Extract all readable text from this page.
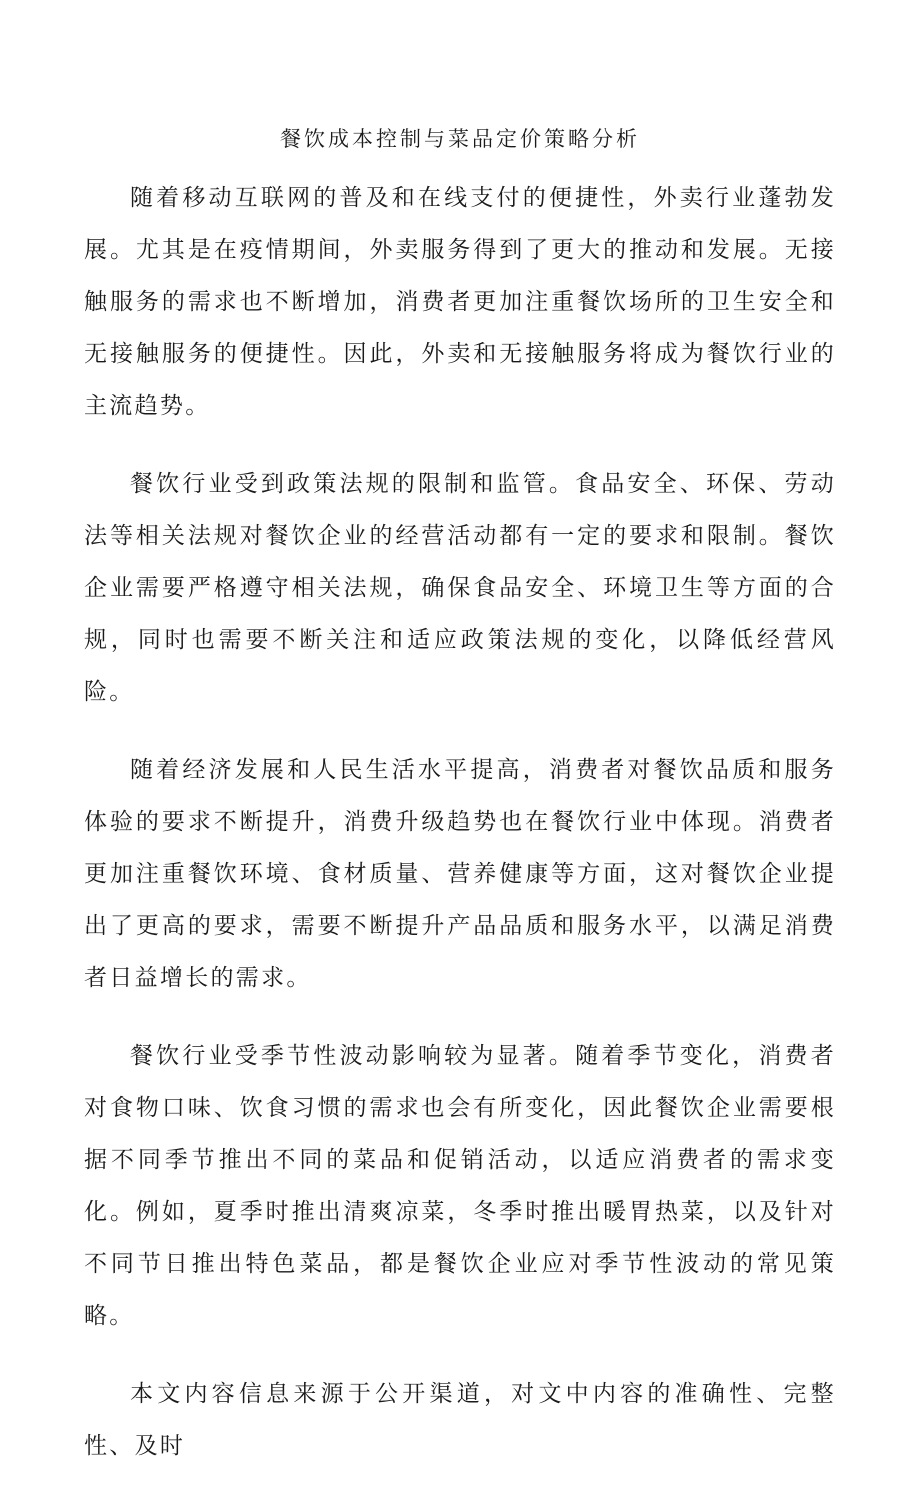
餐饮成本控制与菜品定价策略分析

随着移动互联网的普及和在线支付的便捷性，外卖行业蓬勃发展。尤其是在疫情期间，外卖服务得到了更大的推动和发展。无接触服务的需求也不断增加，消费者更加注重餐饮场所的卫生安全和无接触服务的便捷性。因此，外卖和无接触服务将成为餐饮行业的主流趋势。

餐饮行业受到政策法规的限制和监管。食品安全、环保、劳动法等相关法规对餐饮企业的经营活动都有一定的要求和限制。餐饮企业需要严格遵守相关法规，确保食品安全、环境卫生等方面的合规，同时也需要不断关注和适应政策法规的变化，以降低经营风险。

随着经济发展和人民生活水平提高，消费者对餐饮品质和服务体验的要求不断提升，消费升级趋势也在餐饮行业中体现。消费者更加注重餐饮环境、食材质量、营养健康等方面，这对餐饮企业提出了更高的要求，需要不断提升产品品质和服务水平，以满足消费者日益增长的需求。

餐饮行业受季节性波动影响较为显著。随着季节变化，消费者对食物口味、饮食习惯的需求也会有所变化，因此餐饮企业需要根据不同季节推出不同的菜品和促销活动，以适应消费者的需求变化。例如，夏季时推出清爽凉菜，冬季时推出暖胃热菜，以及针对不同节日推出特色菜品，都是餐饮企业应对季节性波动的常见策略。

本文内容信息来源于公开渠道，对文中内容的准确性、完整性、及时
